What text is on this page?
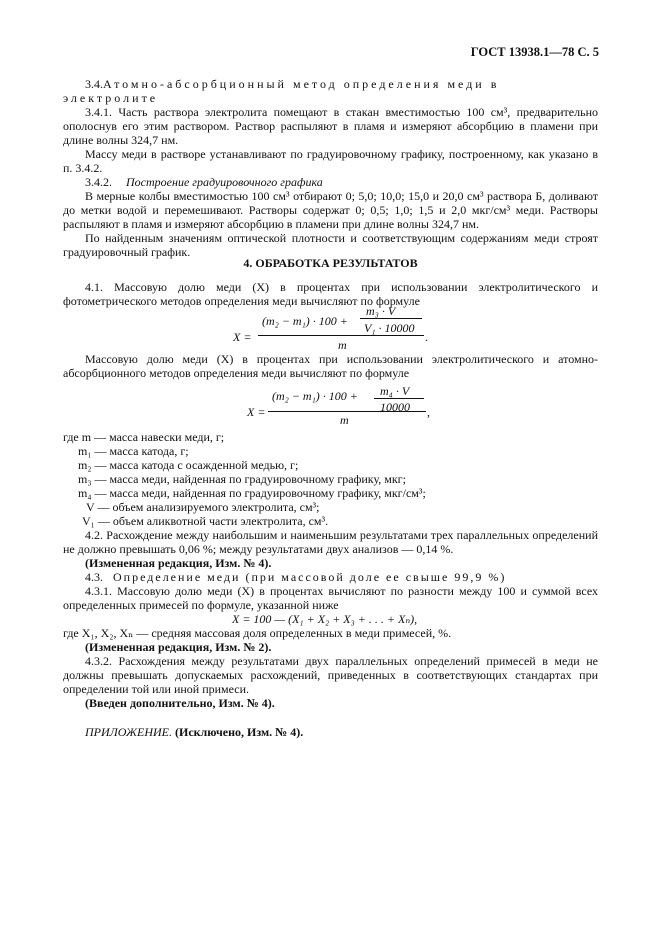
ГОСТ 13938.1—78 С. 5
3.4. Атомно-абсорбционный метод определения меди в
электролите
3.4.1. Часть раствора электролита помещают в стакан вместимостью 100 см³, предварительно ополоснув его этим раствором. Раствор распыляют в пламя и измеряют абсорбцию в пламени при длине волны 324,7 нм.
Массу меди в растворе устанавливают по градуировочному графику, построенному, как указано в п. 3.4.2.
3.4.2. Построение градуировочного графика
В мерные колбы вместимостью 100 см³ отбирают 0; 5,0; 10,0; 15,0 и 20,0 см³ раствора Б, доливают до метки водой и перемешивают. Растворы содержат 0; 0,5; 1,0; 1,5 и 2,0 мкг/см³ меди. Растворы распыляют в пламя и измеряют абсорбцию в пламени при длине волны 324,7 нм.
По найденным значениям оптической плотности и соответствующим содержаниям меди строят градуировочный график.
4. ОБРАБОТКА РЕЗУЛЬТАТОВ
4.1. Массовую долю меди (X) в процентах при использовании электролитического и фотометрического методов определения меди вычисляют по формуле
X =
(m₂ − m₁) · 100 +
m₃ · V
V₁ · 10000
m
.
Массовую долю меди (X) в процентах при использовании электролитического и атомно-абсорбционного методов определения меди вычисляют по формуле
X =
(m₂ − m₁) · 100 + m₄ · V
10000
m
,
где m — масса навески меди, г;
m₁ — масса катода, г;
m₂ — масса катода с осажденной медью, г;
m₃ — масса меди, найденная по градуировочному графику, мкг;
m₄ — масса меди, найденная по градуировочному графику, мкг/см³;
V — объем анализируемого электролита, см³;
V₁ — объем аликвотной части электролита, см³.
4.2. Расхождение между наибольшим и наименьшим результатами трех параллельных определений не должно превышать 0,06 %; между результатами двух анализов — 0,14 %.
(Измененная редакция, Изм. № 4).
4.3. Определение меди (при массовой доле ее свыше 99,9 %)
4.3.1. Массовую долю меди (X) в процентах вычисляют по разности между 100 и суммой всех определенных примесей по формуле, указанной ниже
X = 100 — (X₁ + X₂ + X₃ + . . . + Xₙ),
где X₁, X₂, Xₙ — средняя массовая доля определенных в меди примесей, %.
(Измененная редакция, Изм. № 2).
4.3.2. Расхождения между результатами двух параллельных определений примесей в меди не должны превышать допускаемых расхождений, приведенных в соответствующих стандартах при определении той или иной примеси.
(Введен дополнительно, Изм. № 4).
ПРИЛОЖЕНИЕ. (Исключено, Изм. № 4).
